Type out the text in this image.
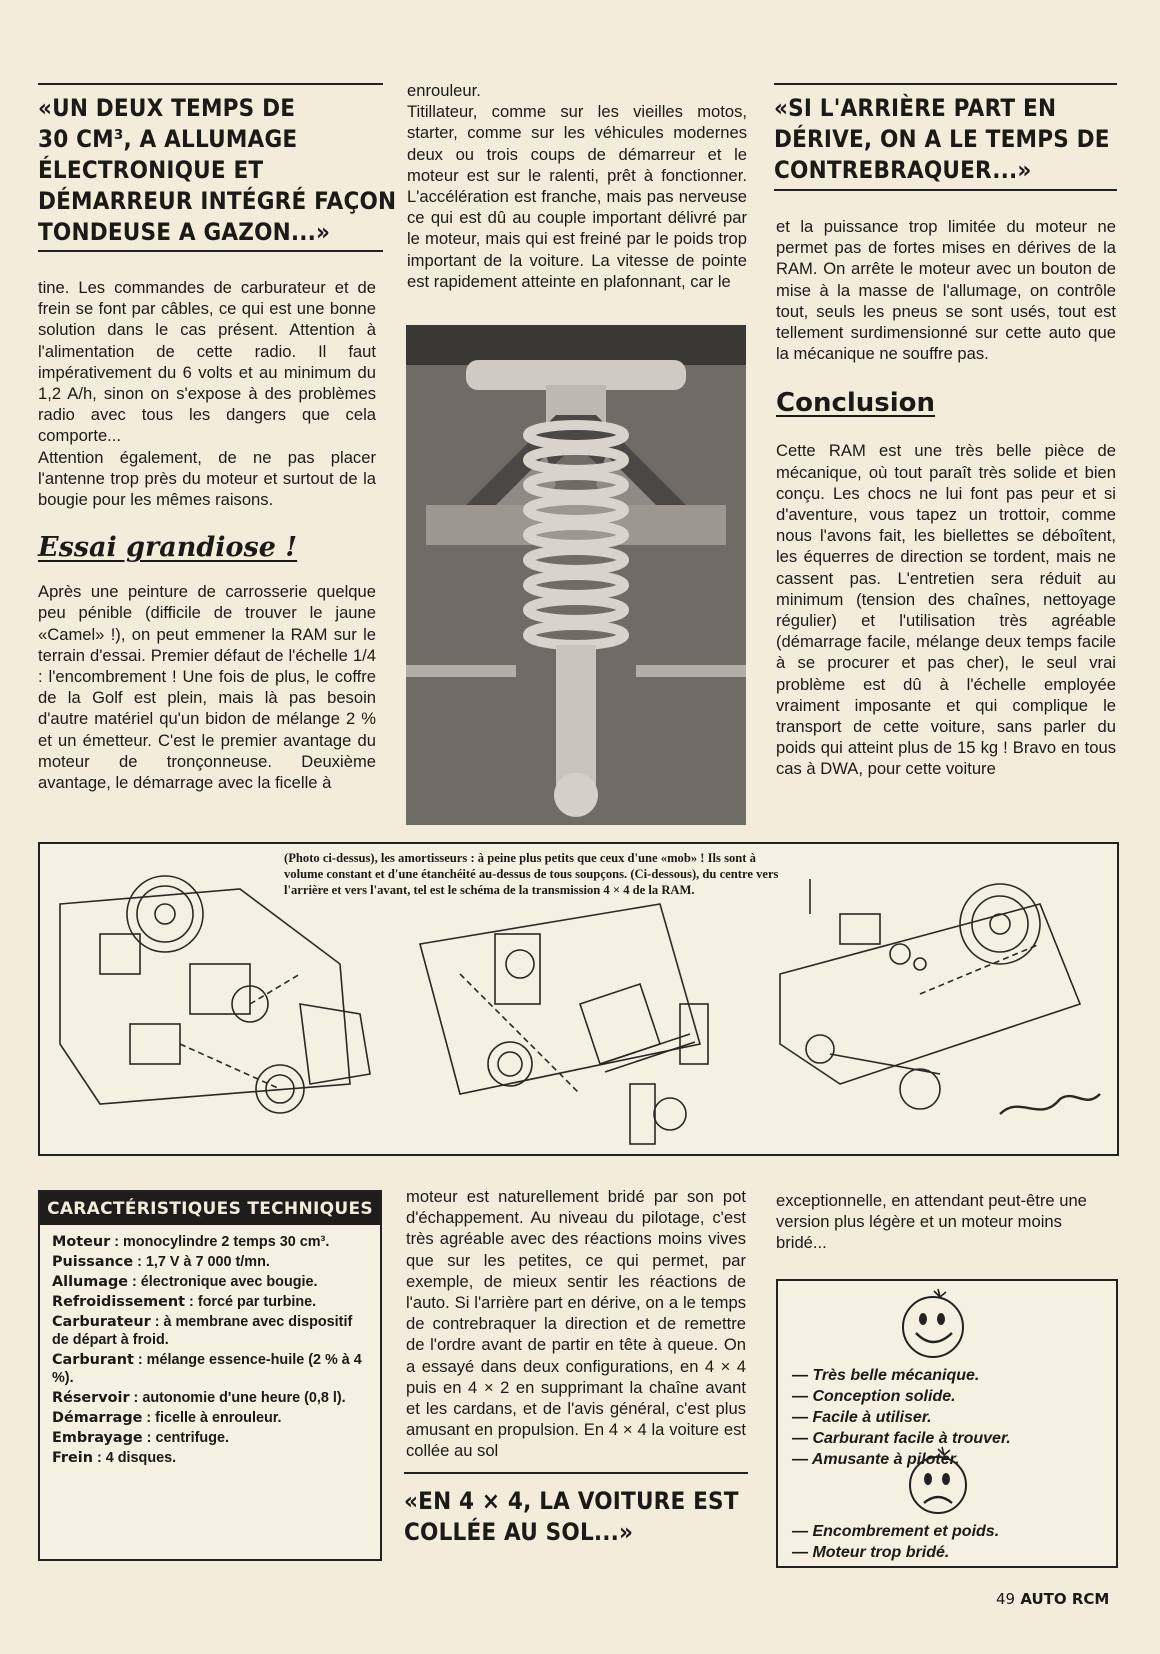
«UN DEUX TEMPS DE
30 CM³, A ALLUMAGE
ÉLECTRONIQUE ET
DÉMARREUR INTÉGRÉ FAÇON
TONDEUSE A GAZON...»

tine. Les commandes de carburateur et de frein se font par câbles, ce qui est une bonne solution dans le cas présent. Attention à l'alimentation de cette radio. Il faut impérativement du 6 volts et au minimum du 1,2 A/h, sinon on s'expose à des problèmes radio avec tous les dangers que cela comporte...

Attention également, de ne pas placer l'antenne trop près du moteur et surtout de la bougie pour les mêmes raisons.

Essai grandiose !

Après une peinture de carrosserie quelque peu pénible (difficile de trouver le jaune «Camel» !), on peut emmener la RAM sur le terrain d'essai. Premier défaut de l'échelle 1/4 : l'encombrement ! Une fois de plus, le coffre de la Golf est plein, mais là pas besoin d'autre matériel qu'un bidon de mélange 2 % et un émetteur. C'est le premier avantage du moteur de tronçonneuse. Deuxième avantage, le démarrage avec la ficelle à

enrouleur.

Titillateur, comme sur les vieilles motos, starter, comme sur les véhicules modernes deux ou trois coups de démarreur et le moteur est sur le ralenti, prêt à fonctionner. L'accélération est franche, mais pas nerveuse ce qui est dû au couple important délivré par le moteur, mais qui est freiné par le poids trop important de la voiture. La vitesse de pointe est rapidement atteinte en plafonnant, car le

«SI L'ARRIÈRE PART EN
DÉRIVE, ON A LE TEMPS DE
CONTREBRAQUER...»

et la puissance trop limitée du moteur ne permet pas de fortes mises en dérives de la RAM. On arrête le moteur avec un bouton de mise à la masse de l'allumage, on contrôle tout, seuls les pneus se sont usés, tout est tellement surdimensionné sur cette auto que la mécanique ne souffre pas.

Conclusion

Cette RAM est une très belle pièce de mécanique, où tout paraît très solide et bien conçu. Les chocs ne lui font pas peur et si d'aventure, vous tapez un trottoir, comme nous l'avons fait, les biellettes se déboîtent, les équerres de direction se tordent, mais ne cassent pas. L'entretien sera réduit au minimum (tension des chaînes, nettoyage régulier) et l'utilisation très agréable (démarrage facile, mélange deux temps facile à se procurer et pas cher), le seul vrai problème est dû à l'échelle employée vraiment imposante et qui complique le transport de cette voiture, sans parler du poids qui atteint plus de 15 kg ! Bravo en tous cas à DWA, pour cette voiture

(Photo ci-dessus), les amortisseurs : à peine plus petits que ceux d'une «mob» ! Ils sont à volume constant et d'une étanchéité au-dessus de tous soupçons. (Ci-dessous), du centre vers l'arrière et vers l'avant, tel est le schéma de la transmission 4 × 4 de la RAM.
CARACTÉRISTIQUES TECHNIQUES

Moteur : monocylindre 2 temps 30 cm³.

Puissance : 1,7 V à 7 000 t/mn.

Allumage : électronique avec bougie.

Refroidissement : forcé par turbine.

Carburateur : à membrane avec dispositif de départ à froid.

Carburant : mélange essence-huile (2 % à 4 %).

Réservoir : autonomie d'une heure (0,8 l).

Démarrage : ficelle à enrouleur.

Embrayage : centrifuge.

Frein : 4 disques.

moteur est naturellement bridé par son pot d'échappement. Au niveau du pilotage, c'est très agréable avec des réactions moins vives que sur les petites, ce qui permet, par exemple, de mieux sentir les réactions de l'auto. Si l'arrière part en dérive, on a le temps de contrebraquer la direction et de remettre de l'ordre avant de partir en tête à queue. On a essayé dans deux configurations, en 4 × 4 puis en 4 × 2 en supprimant la chaîne avant et les cardans, et de l'avis général, c'est plus amusant en propulsion. En 4 × 4 la voiture est collée au sol

«EN 4 × 4, LA VOITURE EST
COLLÉE AU SOL...»

exceptionnelle, en attendant peut-être une version plus légère et un moteur moins bridé...

— Très belle mécanique.

— Conception solide.

— Facile à utiliser.

— Carburant facile à trouver.

— Amusante à piloter.

— Encombrement et poids.

— Moteur trop bridé.

49 AUTO RCM
